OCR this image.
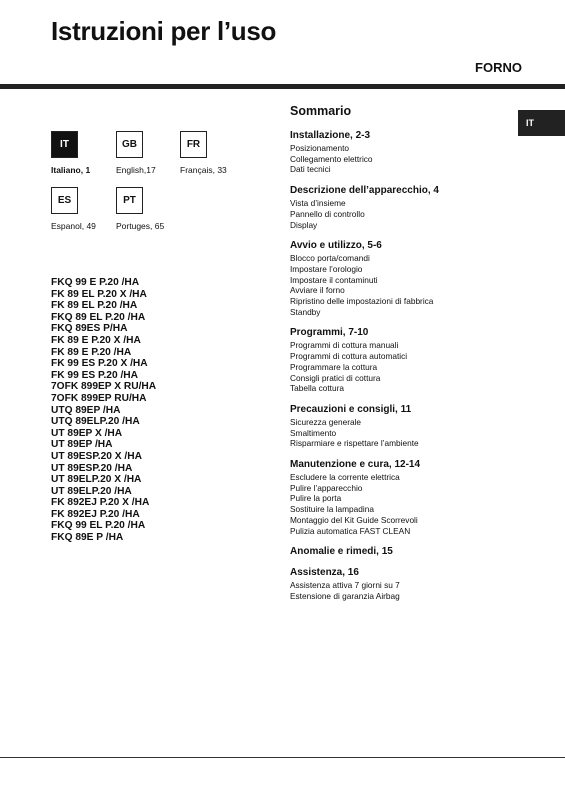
Istruzioni per l’uso
FORNO
IT
IT
Italiano, 1
GB
English,17
FR
Français, 33
ES
Espanol, 49
PT
Portuges, 65
FKQ 99 E P.20 /HA
FK 89 EL P.20 X /HA
FK 89 EL P.20 /HA
FKQ 89 EL P.20 /HA
FKQ 89ES P/HA
FK 89 E P.20 X /HA
FK 89 E P.20 /HA
FK 99 ES P.20 X /HA
FK 99 ES P.20 /HA
7OFK 899EP X RU/HA
7OFK 899EP RU/HA
UTQ 89EP /HA
UTQ 89ELP.20 /HA
UT 89EP X /HA
UT 89EP /HA
UT 89ESP.20 X /HA
UT 89ESP.20 /HA
UT 89ELP.20 X /HA
UT 89ELP.20 /HA
FK 892EJ P.20 X /HA
FK 892EJ P.20 /HA
FKQ 99 EL P.20 /HA
FKQ 89E P /HA
Sommario
Installazione, 2-3
Posizionamento
Collegamento elettrico
Dati tecnici
Descrizione dell’apparecchio, 4
Vista d’insieme
Pannello di controllo
Display
Avvio e utilizzo, 5-6
Blocco porta/comandi
Impostare l’orologio
Impostare il contaminuti
Avviare il forno
Ripristino delle impostazioni di fabbrica
Standby
Programmi, 7-10
Programmi di cottura manuali
Programmi di cottura automatici
Programmare la cottura
Consigli pratici di cottura
Tabella cottura
Precauzioni e consigli, 11
Sicurezza generale
Smaltimento
Risparmiare e rispettare l’ambiente
Manutenzione e cura, 12-14
Escludere la corrente elettrica
Pulire l’apparecchio
Pulire la porta
Sostituire la lampadina
Montaggio del Kit Guide Scorrevoli
Pulizia automatica FAST CLEAN
Anomalie e rimedi, 15
Assistenza, 16
Assistenza attiva 7 giorni su 7
Estensione di garanzia Airbag
